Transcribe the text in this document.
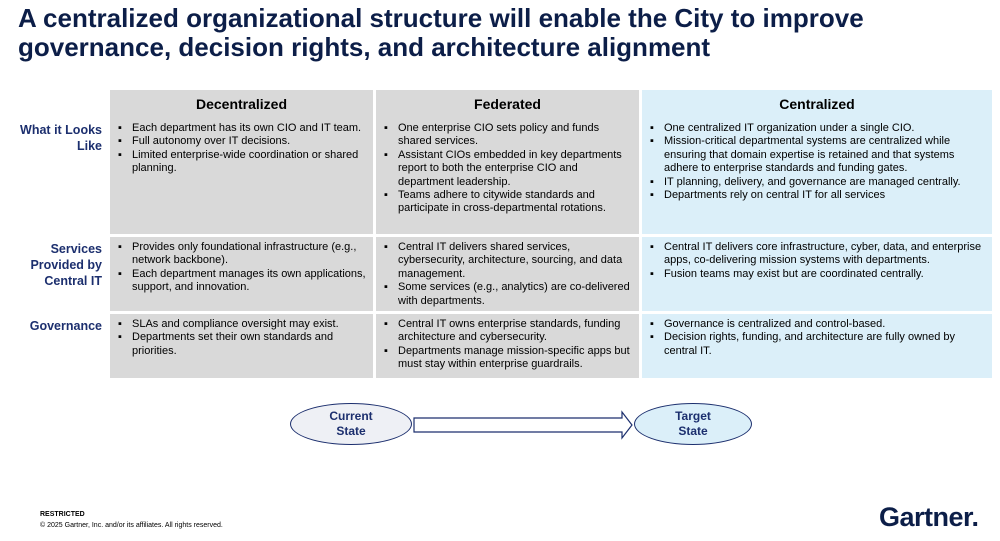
A centralized organizational structure will enable the City to improve governance, decision rights, and architecture alignment
Decentralized	Federated	Centralized
What it Looks Like
▪ Each department has its own CIO and IT team.
▪ Full autonomy over IT decisions.
▪ Limited enterprise-wide coordination or shared planning.
▪ One enterprise CIO sets policy and funds shared services.
▪ Assistant CIOs embedded in key departments report to both the enterprise CIO and department leadership.
▪ Teams adhere to citywide standards and participate in cross-departmental rotations.
▪ One centralized IT organization under a single CIO.
▪ Mission-critical departmental systems are centralized while ensuring that domain expertise is retained and that systems adhere to enterprise standards and funding gates.
▪ IT planning, delivery, and governance are managed centrally.
▪ Departments rely on central IT for all services
Services Provided by Central IT
▪ Provides only foundational infrastructure (e.g., network backbone).
▪ Each department manages its own applications, support, and innovation.
▪ Central IT delivers shared services, cybersecurity, architecture, sourcing, and data management.
▪ Some services (e.g., analytics) are co-delivered with departments.
▪ Central IT delivers core infrastructure, cyber, data, and enterprise apps, co-delivering mission systems with departments.
▪ Fusion teams may exist but are coordinated centrally.
Governance
▪	SLAs and compliance oversight may exist.
▪ Departments set their own standards and priorities.
▪ Central IT owns enterprise standards, funding architecture and cybersecurity.
▪ Departments manage mission-specific apps but must stay within enterprise guardrails.
▪ Governance is centralized and control-based.
▪ Decision rights, funding, and architecture are fully owned by central IT.
Current
State
Target
State
RESTRICTED
© 2025 Gartner, Inc. and/or its affiliates. All rights reserved.	Gartner.
